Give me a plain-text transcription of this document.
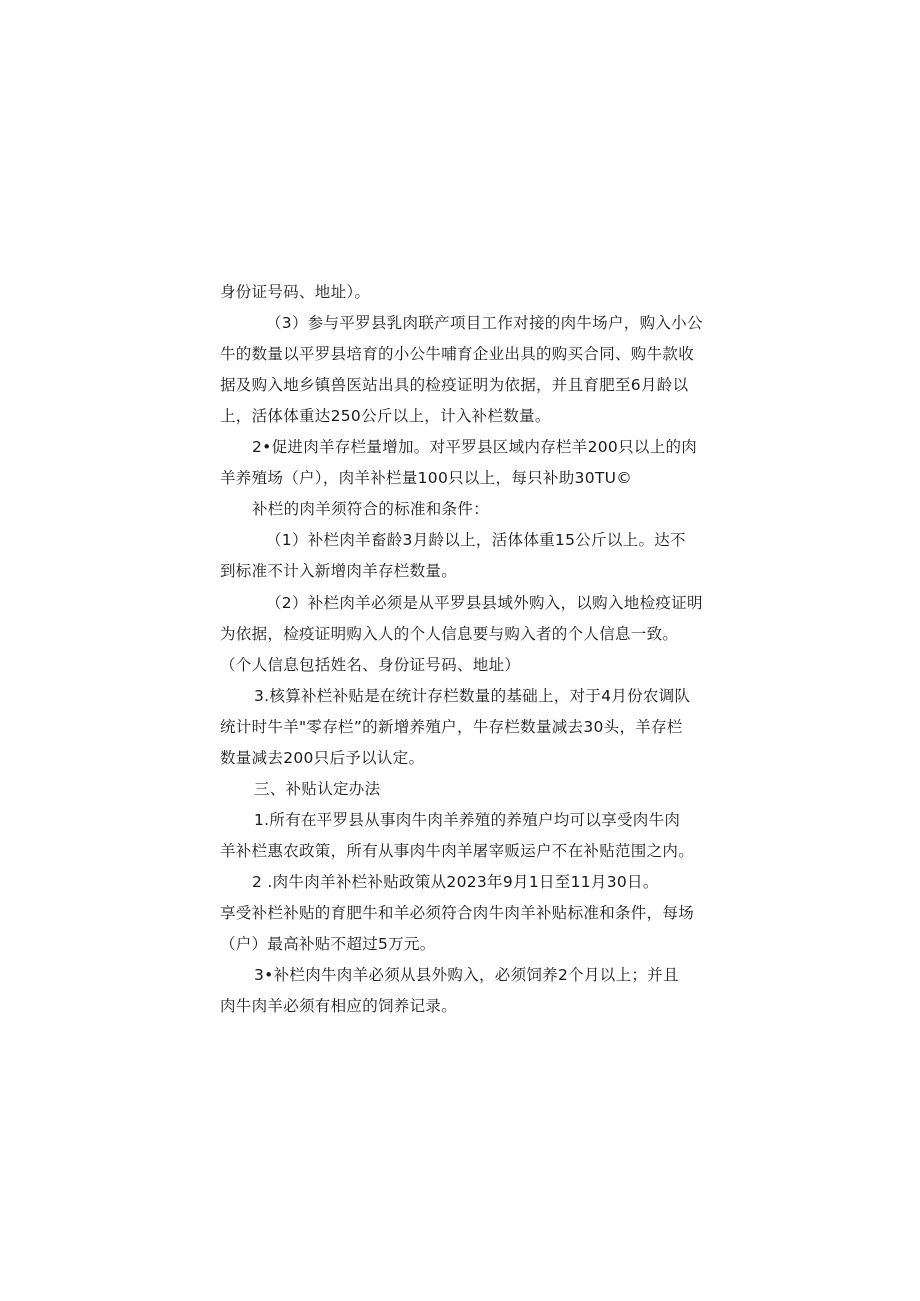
身份证号码、地址）。
（3）参与平罗县乳肉联产项目工作对接的肉牛场户，购入小公
牛的数量以平罗县培育的小公牛哺育企业出具的购买合同、购牛款收
据及购入地乡镇兽医站出具的检疫证明为依据，并且育肥至6月龄以
上，活体体重达250公斤以上，计入补栏数量。
2•促进肉羊存栏量增加。对平罗县区域内存栏羊200只以上的肉
羊养殖场（户），肉羊补栏量100只以上，每只补助30TU©
补栏的肉羊须符合的标准和条件：
（1）补栏肉羊畜龄3月龄以上，活体体重15公斤以上。达不
到标准不计入新增肉羊存栏数量。
（2）补栏肉羊必须是从平罗县县域外购入，以购入地检疫证明
为依据，检疫证明购入人的个人信息要与购入者的个人信息一致。
（个人信息包括姓名、身份证号码、地址）
3.核算补栏补贴是在统计存栏数量的基础上，对于4月份农调队
统计时牛羊"零存栏”的新增养殖户，牛存栏数量减去30头，羊存栏
数量减去200只后予以认定。
三、补贴认定办法
1.所有在平罗县从事肉牛肉羊养殖的养殖户均可以享受肉牛肉
羊补栏惠农政策，所有从事肉牛肉羊屠宰贩运户不在补贴范围之内。
2 .肉牛肉羊补栏补贴政策从2023年9月1日至11月30日。
享受补栏补贴的育肥牛和羊必须符合肉牛肉羊补贴标准和条件，每场
（户）最高补贴不超过5万元。
3•补栏肉牛肉羊必须从县外购入，必须饲养2个月以上；并且
肉牛肉羊必须有相应的饲养记录。
